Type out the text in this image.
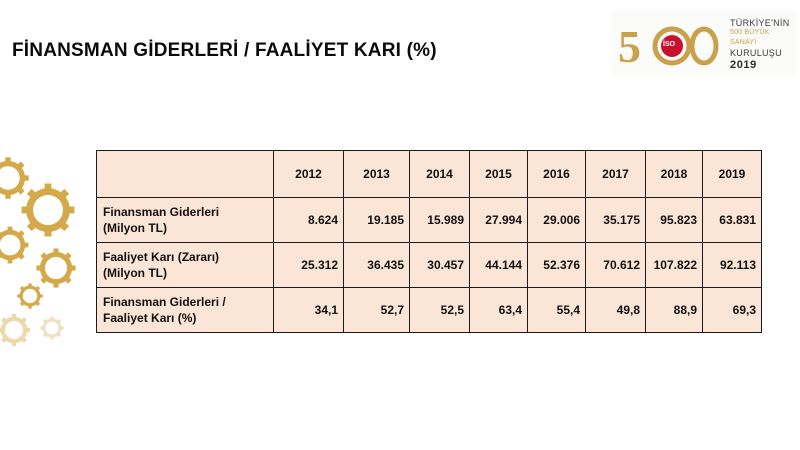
FİNANSMAN GİDERLERİ / FAALİYET KARI (%)	5	İSO
TÜRKİYE'NİN
500 BÜYÜK SANAYİ
KURULUŞU
2019
	2012	2013	2014	2015	2016	2017	2018	2019

Finansman Giderleri
(Milyon TL)	8.624	19.185	15.989	27.994	29.006	35.175	95.823	63.831

Faaliyet Karı (Zararı)
(Milyon TL)	25.312	36.435	30.457	44.144	52.376	70.612	107.822	92.113

Finansman Giderleri /
Faaliyet Karı (%)	34,1	52,7	52,5	63,4	55,4	49,8	88,9	69,3
